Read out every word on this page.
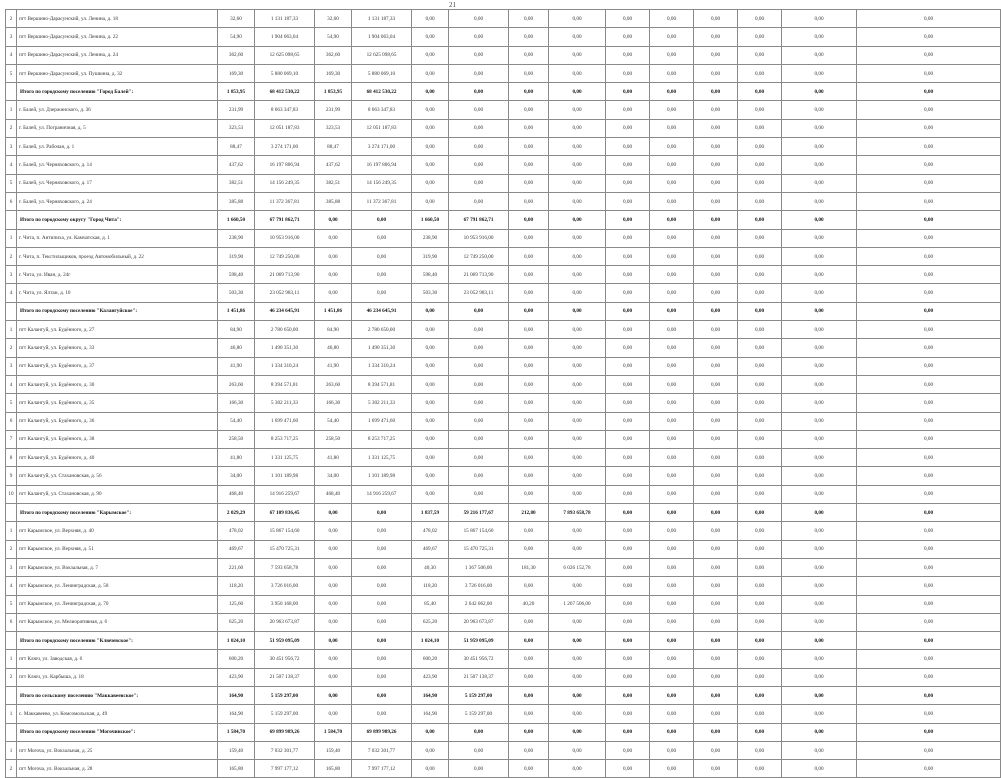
21
2	пгт Вершино-Дарасунский, ул. Ленина, д. 18	32,60	1 131 187,33	32,60	1 131 187,33	0,00	0,00	0,00	0,00	0,00	0,00	0,00	0,00	0,00	0,00
3	пгт Вершино-Дарасунский, ул. Ленина, д. 22	54,90	1 904 063,04	54,90	1 904 063,04	0,00	0,00	0,00	0,00	0,00	0,00	0,00	0,00	0,00	0,00
4	пгт Вершино-Дарасунский, ул. Ленина, д. 24	362,60	12 625 098,65	362,60	12 625 098,65	0,00	0,00	0,00	0,00	0,00	0,00	0,00	0,00	0,00	0,00
5	пгт Вершино-Дарасунский, ул. Пушкина, д. 32	169,30	5 880 069,10	169,30	5 880 069,10	0,00	0,00	0,00	0,00	0,00	0,00	0,00	0,00	0,00	0,00
	Итого по городскому поселению "Город Балей":	1 853,95	68 412 530,22	1 853,95	68 412 530,22	0,00	0,00	0,00	0,00	0,00	0,00	0,00	0,00	0,00	0,00
1	г. Балей, ул. Дзержинского, д. 36	231,99	8 663 347,83	231,99	8 663 347,83	0,00	0,00	0,00	0,00	0,00	0,00	0,00	0,00	0,00	0,00
2	г. Балей, ул. Пограничная, д. 5	323,53	12 051 187,83	323,53	12 051 187,83	0,00	0,00	0,00	0,00	0,00	0,00	0,00	0,00	0,00	0,00
3	г. Балей, ул. Рабочая, д. 1	88,47	3 274 171,00	88,47	3 274 171,00	0,00	0,00	0,00	0,00	0,00	0,00	0,00	0,00	0,00	0,00
4	г. Балей, ул. Черняховского, д. 14	437,62	16 197 806,94	437,62	16 197 806,94	0,00	0,00	0,00	0,00	0,00	0,00	0,00	0,00	0,00	0,00
5	г. Балей, ул. Черняховского, д. 17	382,51	14 156 249,35	382,51	14 156 249,35	0,00	0,00	0,00	0,00	0,00	0,00	0,00	0,00	0,00	0,00
6	г. Балей, ул. Черняховского, д. 24	385,88	11 372 367,81	385,88	11 372 367,81	0,00	0,00	0,00	0,00	0,00	0,00	0,00	0,00	0,00	0,00
	Итого по городскому округу "Город Чита":	1 660,50	67 791 862,71	0,00	0,00	1 660,50	67 791 862,71	0,00	0,00	0,00	0,00	0,00	0,00	0,00	0,00
1	г. Чита, п. Антипиха, ул. Камчатская, д. 1	238,90	10 953 916,00	0,00	0,00	238,90	10 953 916,00	0,00	0,00	0,00	0,00	0,00	0,00	0,00	0,00
2	г. Чита, п. Текстильщиков, проезд Автомобильный, д. 22	319,90	12 749 250,00	0,00	0,00	319,90	12 749 250,00	0,00	0,00	0,00	0,00	0,00	0,00	0,00	0,00
3	г. Чита, ул. Иван, д. 24г	598,40	21 069 713,90	0,00	0,00	598,40	21 069 713,90	0,00	0,00	0,00	0,00	0,00	0,00	0,00	0,00
4	г. Чита, ул. Ялтан, д. 10	503,30	23 052 983,11	0,00	0,00	503,30	23 052 983,11	0,00	0,00	0,00	0,00	0,00	0,00	0,00	0,00
	Итого по городскому поселению "Калангуйское":	1 451,86	46 234 645,91	1 451,86	46 234 645,91	0,00	0,00	0,00	0,00	0,00	0,00	0,00	0,00	0,00	0,00
1	пгт Калангуй, ул. Будённого, д. 27	84,90	2 780 650,00	84,90	2 780 650,00	0,00	0,00	0,00	0,00	0,00	0,00	0,00	0,00	0,00	0,00
2	пгт Калангуй, ул. Будённого, д. 33	46,80	1 490 351,30	46,80	1 490 351,30	0,00	0,00	0,00	0,00	0,00	0,00	0,00	0,00	0,00	0,00
3	пгт Калангуй, ул. Будённого, д. 37	41,90	1 334 310,24	41,90	1 334 310,24	0,00	0,00	0,00	0,00	0,00	0,00	0,00	0,00	0,00	0,00
4	пгт Калангуй, ул. Будённого, д. 30	263,60	8 394 571,81	263,60	8 394 571,81	0,00	0,00	0,00	0,00	0,00	0,00	0,00	0,00	0,00	0,00
5	пгт Калангуй, ул. Будённого, д. 35	166,30	5 302 211,33	166,30	5 302 211,33	0,00	0,00	0,00	0,00	0,00	0,00	0,00	0,00	0,00	0,00
6	пгт Калангуй, ул. Будённого, д. 36	54,40	1 699 471,60	54,40	1 699 471,60	0,00	0,00	0,00	0,00	0,00	0,00	0,00	0,00	0,00	0,00
7	пгт Калангуй, ул. Будённого, д. 38	258,50	8 253 717,25	258,50	8 253 717,25	0,00	0,00	0,00	0,00	0,00	0,00	0,00	0,00	0,00	0,00
8	пгт Калангуй, ул. Будённого, д. 40	41,80	1 331 125,75	41,80	1 331 125,75	0,00	0,00	0,00	0,00	0,00	0,00	0,00	0,00	0,00	0,00
9	пгт Калангуй, ул. Стахановская, д. 56	34,00	1 101 189,98	34,00	1 101 189,98	0,00	0,00	0,00	0,00	0,00	0,00	0,00	0,00	0,00	0,00
10	пгт Калангуй, ул. Стахановская, д. 90	468,40	14 916 259,67	468,40	14 916 259,67	0,00	0,00	0,00	0,00	0,00	0,00	0,00	0,00	0,00	0,00
	Итого по городскому поселению "Карымское":	2 029,29	67 109 836,45	0,00	0,00	1 837,59	59 216 177,67	212,80	7 893 658,78	0,00	0,00	0,00	0,00	0,00	0,00
1	пгт Карымское, ул. Верхняя, д. 40	478,02	15 867 154,60	0,00	0,00	478,02	15 867 154,60	0,00	0,00	0,00	0,00	0,00	0,00	0,00	0,00
2	пгт Карымское, ул. Верхняя, д. 51	469,67	15 470 725,31	0,00	0,00	469,67	15 470 725,31	0,00	0,00	0,00	0,00	0,00	0,00	0,00	0,00
3	пгт Карымское, ул. Вокзальная, д. 7	221,60	7 593 658,78	0,00	0,00	40,30	1 367 506,00	181,30	6 026 152,78	0,00	0,00	0,00	0,00	0,00	0,00
4	пгт Карымское, ул. Ленинградская, д. 58	118,20	3 726 016,00	0,00	0,00	118,20	3 726 016,00	0,00	0,00	0,00	0,00	0,00	0,00	0,00	0,00
5	пгт Карымское, ул. Ленинградская, д. 70	125,60	3 950 168,00	0,00	0,00	85,40	2 642 062,00	40,20	1 267 506,00	0,00	0,00	0,00	0,00	0,00	0,00
6	пгт Карымское, ул. Мелиоративная, д. 6	625,20	20 963 673,87	0,00	0,00	625,20	20 963 673,87	0,00	0,00	0,00	0,00	0,00	0,00	0,00	0,00
	Итого по городскому поселению "Ключевское":	1 024,10	51 959 095,09	0,00	0,00	1 024,10	51 959 095,09	0,00	0,00	0,00	0,00	0,00	0,00	0,00	0,00
1	пгт Ключ, ул. Заводская, д. 6	600,20	30 451 956,72	0,00	0,00	600,20	30 451 956,72	0,00	0,00	0,00	0,00	0,00	0,00	0,00	0,00
2	пгт Ключ, ул. Карбыша, д. 18	423,90	21 507 138,37	0,00	0,00	423,90	21 507 138,37	0,00	0,00	0,00	0,00	0,00	0,00	0,00	0,00
	Итого по сельскому поселению "Маккавеевское":	164,90	5 159 297,00	0,00	0,00	164,90	5 159 297,00	0,00	0,00	0,00	0,00	0,00	0,00	0,00	0,00
1	с. Маккавеево, ул. Комсомольская, д. 49	164,90	5 159 297,00	0,00	0,00	164,90	5 159 297,00	0,00	0,00	0,00	0,00	0,00	0,00	0,00	0,00
	Итого по городскому поселению "Могочинское":	1 584,70	69 899 989,26	1 584,70	69 899 989,26	0,00	0,00	0,00	0,00	0,00	0,00	0,00	0,00	0,00	0,00
1	пгт Могоча, ул. Вокзальная, д. 25	159,40	7 032 301,77	159,40	7 032 301,77	0,00	0,00	0,00	0,00	0,00	0,00	0,00	0,00	0,00	0,00
2	пгт Могоча, ул. Вокзальная, д. 28	165,80	7 997 177,12	165,80	7 997 177,12	0,00	0,00	0,00	0,00	0,00	0,00	0,00	0,00	0,00	0,00
